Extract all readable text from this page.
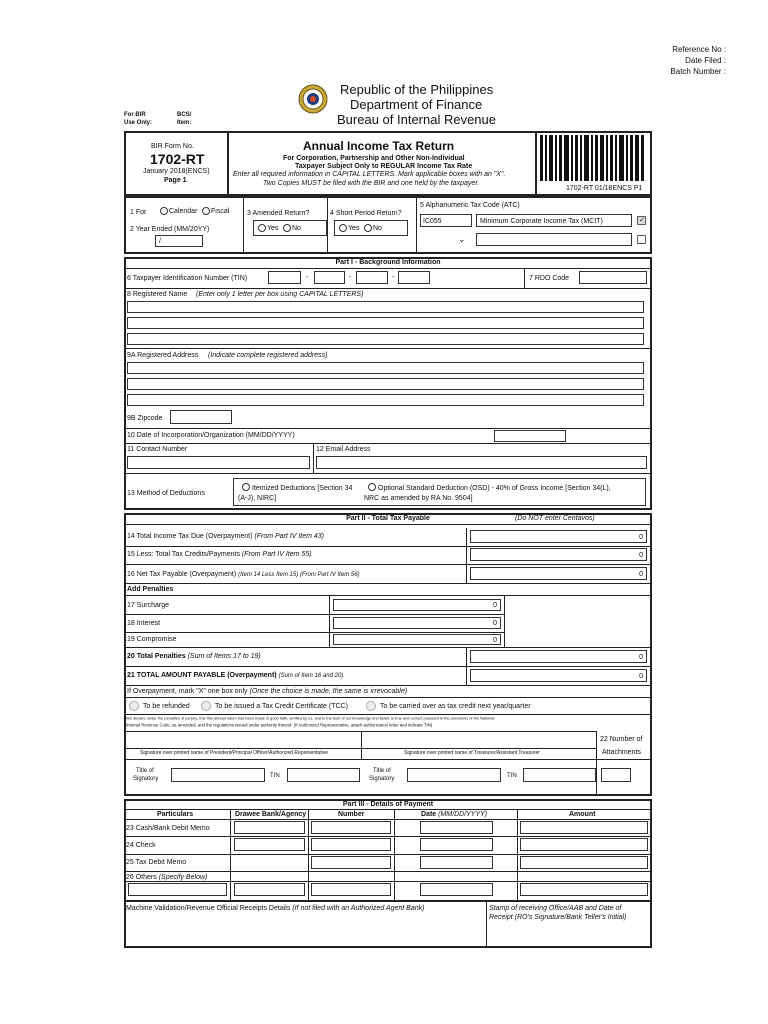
Reference No :
Date Filed :
Batch Number :
Republic of the Philippines
Department of Finance
Bureau of Internal Revenue
For BIR
Use Only:
BCS/
Item:
BIR Form No.
1702-RT
January 2018(ENCS)
Page 1
Annual Income Tax Return
For Corporation, Partnership and Other Non-Individual
Taxpayer Subject Only to REGULAR Income Tax Rate
Enter all required information in CAPITAL LETTERS. Mark applicable boxes with an "X".
Two Copies MUST be filed with the BIR and one held by the taxpayer.
1702-RT 01/18ENCS P1
1 For	Calendar Fiscal
2 Year Ended (MM/20YY)
/
3 Amended Return?
Yes No
4 Short Period Return?
Yes No
5 Alphanumeric Tax Code (ATC)
IC055	Minimum Corporate Income Tax (MCIT)	✓
⌄
Part I - Background Information
6 Taxpayer Identification Number (TIN)	-	-	-	7 RDO Code
8 Registered Name (Enter only 1 letter per box using CAPITAL LETTERS)
9A Registered Address (Indicate complete registered address)
9B Zipcode
10 Date of Incorporation/Organization (MM/DD/YYYY)
11 Contact Number	12 Email Address
13 Method of Deductions
Itemized Deductions [Section 34
(A-J), NIRC]
Optional Standard Deduction (OSD) - 40% of Gross Income [Section 34(L),
NRC as amended by RA No. 9504]
Part II - Total Tax Payable	(Do NOT enter Centavos)
14 Total Income Tax Due (Overpayment) (From Part IV Item 43)	0
15 Less: Total Tax Credits/Payments (From Part IV Item 55)	0
16 Net Tax Payable (Overpayment) (Item 14 Less Item 15) (From Part IV Item 56)	0
Add Penalties
17 Surcharge	0
18 Interest	0
19 Compromise	0
20 Total Penalties (Sum of Items 17 to 19)	0
21 TOTAL AMOUNT PAYABLE (Overpayment) (Sum of Item 16 and 20)	0
If Overpayment, mark "X" one box only (Once the choice is made, the same is irrevocable)
To be refunded	To be issued a Tax Credit Certificate (TCC)	To be carried over as tax credit next year/quarter
We declare under the penalties of perjury, that this annual return has been made in good faith, verified by us, and to the best of our knowledge and belief, is true and correct pursuant to the provisions of the National
Internal Revenue Code, as amended, and the regulations issued under authority thereof. (If Authorized Representative, attach authorization letter and indicate TIN)
Signature over printed name of President/Principal Officer/Authorized Representative	Signature over printed name of Treasurer/Assistant Treasurer
22 Number of
Attachments
Title of
Signatory	TIN
Title of
Signatory	TIN
Part III - Details of Payment
Particulars	Drawee Bank/Agency	Number	Date (MM/DD/YYYY)	Amount
23 Cash/Bank Debit Memo
24 Check
25 Tax Debit Memo
26 Others (Specify Below)
Machine Validation/Revenue Official Receipts Details (If not filed with an Authorized Agent Bank)	Stamp of receiving Office/AAB and Date of
Receipt (RO's Signature/Bank Teller's Initial)
